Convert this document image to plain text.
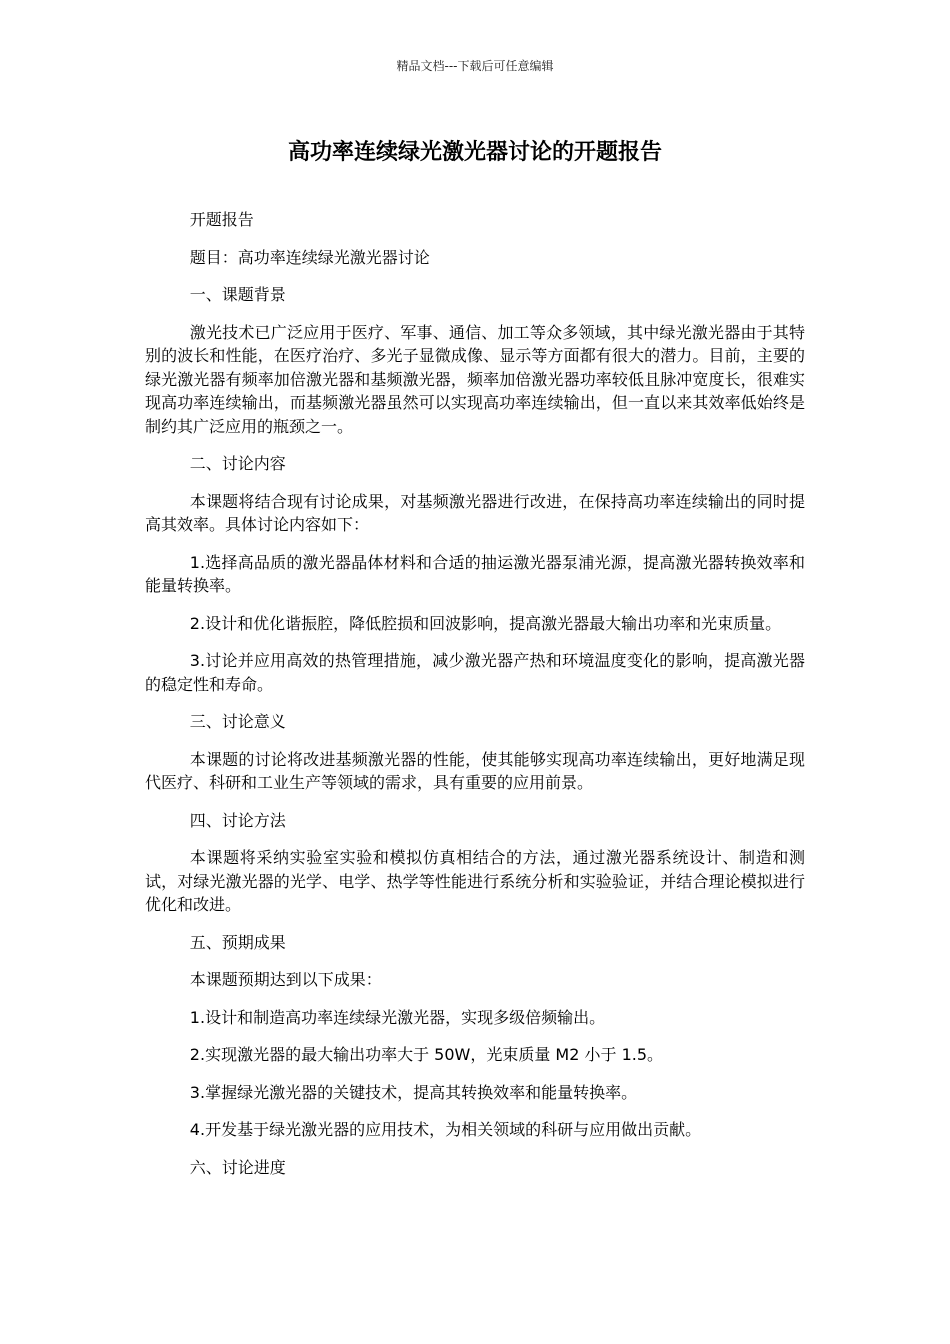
精品文档---下载后可任意编辑
高功率连续绿光激光器讨论的开题报告

开题报告

题目：高功率连续绿光激光器讨论

一、课题背景

激光技术已广泛应用于医疗、军事、通信、加工等众多领域，其中绿光激光器由于其特别的波长和性能，在医疗治疗、多光子显微成像、显示等方面都有很大的潜力。目前，主要的绿光激光器有频率加倍激光器和基频激光器，频率加倍激光器功率较低且脉冲宽度长，很难实现高功率连续输出，而基频激光器虽然可以实现高功率连续输出，但一直以来其效率低始终是制约其广泛应用的瓶颈之一。

二、讨论内容

本课题将结合现有讨论成果，对基频激光器进行改进，在保持高功率连续输出的同时提高其效率。具体讨论内容如下：

1.选择高品质的激光器晶体材料和合适的抽运激光器泵浦光源，提高激光器转换效率和能量转换率。

2.设计和优化谐振腔，降低腔损和回波影响，提高激光器最大输出功率和光束质量。

3.讨论并应用高效的热管理措施，减少激光器产热和环境温度变化的影响，提高激光器的稳定性和寿命。

三、讨论意义

本课题的讨论将改进基频激光器的性能，使其能够实现高功率连续输出，更好地满足现代医疗、科研和工业生产等领域的需求，具有重要的应用前景。

四、讨论方法

本课题将采纳实验室实验和模拟仿真相结合的方法，通过激光器系统设计、制造和测试，对绿光激光器的光学、电学、热学等性能进行系统分析和实验验证，并结合理论模拟进行优化和改进。

五、预期成果

本课题预期达到以下成果：

1.设计和制造高功率连续绿光激光器，实现多级倍频输出。

2.实现激光器的最大输出功率大于 50W，光束质量 M2 小于 1.5。

3.掌握绿光激光器的关键技术，提高其转换效率和能量转换率。

4.开发基于绿光激光器的应用技术，为相关领域的科研与应用做出贡献。

六、讨论进度
